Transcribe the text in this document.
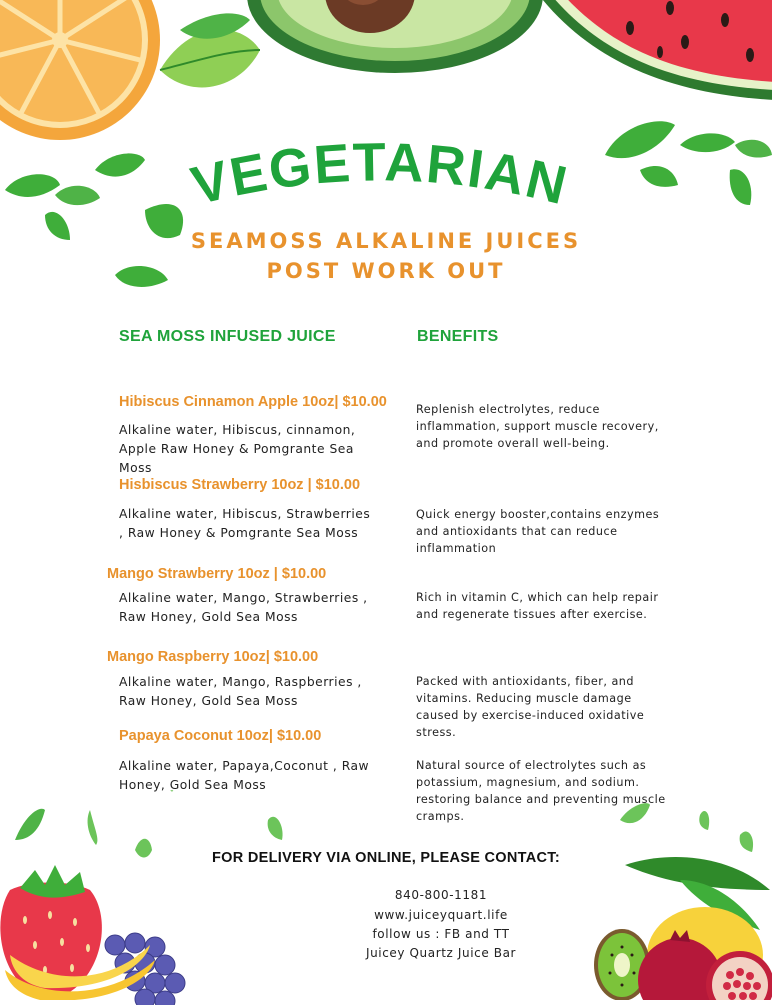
VEGETARIAN
SEAMOSS ALKALINE JUICES
POST WORK OUT
SEA MOSS INFUSED JUICE	BENEFITS
Hibiscus Cinnamon Apple 10oz| $10.00
Alkaline water, Hibiscus, cinnamon, Apple Raw Honey & Pomgrante Sea Moss
Replenish electrolytes, reduce inflammation, support muscle recovery, and promote overall well-being.
Hisbiscus Strawberry 10oz | $10.00
Alkaline water, Hibiscus, Strawberries , Raw Honey & Pomgrante Sea Moss
Quick energy booster,contains enzymes and antioxidants that can reduce inflammation
Mango Strawberry 10oz | $10.00
Alkaline water, Mango, Strawberries , Raw Honey, Gold Sea Moss
Rich in vitamin C, which can help repair and regenerate tissues after exercise.
Mango Raspberry 10oz| $10.00
Alkaline water, Mango, Raspberries , Raw Honey, Gold Sea Moss
Packed with antioxidants, fiber, and vitamins. Reducing muscle damage caused by exercise-induced oxidative stress.
Papaya Coconut 10oz| $10.00
Alkaline water, Papaya,Coconut , Raw Honey, Gold Sea Moss
Natural source of electrolytes such as potassium, magnesium, and sodium. restoring balance and preventing muscle cramps.
FOR DELIVERY VIA ONLINE, PLEASE CONTACT:
840-800-1181
www.juiceyquart.life
follow us : FB and TT
Juicey Quartz Juice Bar
